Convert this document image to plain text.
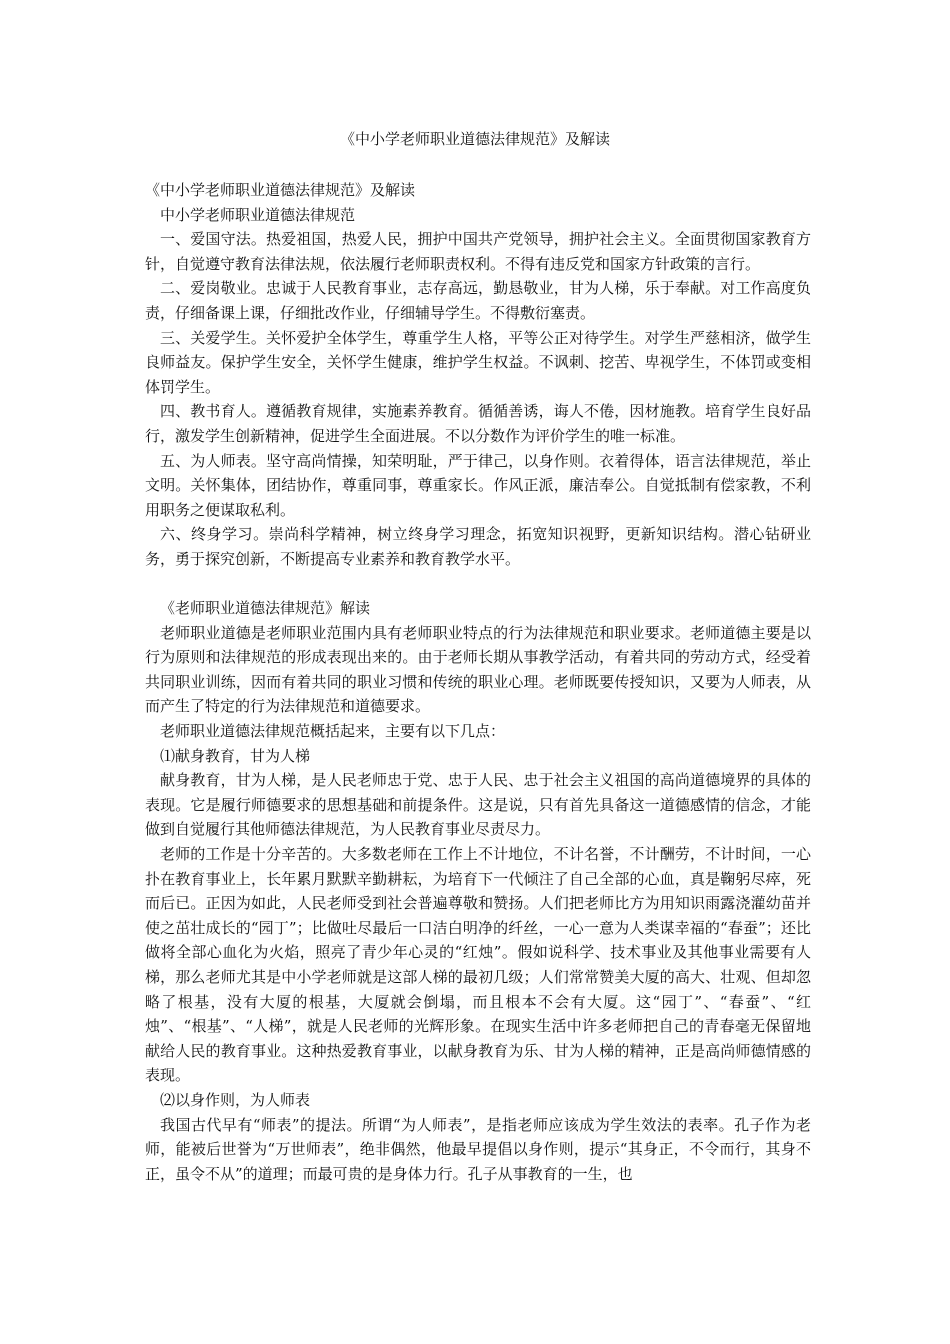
《中小学老师职业道德法律规范》及解读

《中小学老师职业道德法律规范》及解读

中小学老师职业道德法律规范

一、爱国守法。热爱祖国，热爱人民，拥护中国共产党领导，拥护社会主义。全面贯彻国家教育方针，自觉遵守教育法律法规，依法履行老师职责权利。不得有违反党和国家方针政策的言行。

二、爱岗敬业。忠诚于人民教育事业，志存高远，勤恳敬业，甘为人梯，乐于奉献。对工作高度负责，仔细备课上课，仔细批改作业，仔细辅导学生。不得敷衍塞责。

三、关爱学生。关怀爱护全体学生，尊重学生人格，平等公正对待学生。对学生严慈相济，做学生良师益友。保护学生安全，关怀学生健康，维护学生权益。不讽刺、挖苦、卑视学生，不体罚或变相体罚学生。

四、教书育人。遵循教育规律，实施素养教育。循循善诱，诲人不倦，因材施教。培育学生良好品行，激发学生创新精神，促进学生全面进展。不以分数作为评价学生的唯一标准。

五、为人师表。坚守高尚情操，知荣明耻，严于律己，以身作则。衣着得体，语言法律规范，举止文明。关怀集体，团结协作，尊重同事，尊重家长。作风正派，廉洁奉公。自觉抵制有偿家教，不利用职务之便谋取私利。

六、终身学习。崇尚科学精神，树立终身学习理念，拓宽知识视野，更新知识结构。潜心钻研业务，勇于探究创新，不断提高专业素养和教育教学水平。

《老师职业道德法律规范》解读

老师职业道德是老师职业范围内具有老师职业特点的行为法律规范和职业要求。老师道德主要是以行为原则和法律规范的形成表现出来的。由于老师长期从事教学活动，有着共同的劳动方式，经受着共同职业训练，因而有着共同的职业习惯和传统的职业心理。老师既要传授知识，又要为人师表，从而产生了特定的行为法律规范和道德要求。

老师职业道德法律规范概括起来，主要有以下几点：

⑴献身教育，甘为人梯

献身教育，甘为人梯，是人民老师忠于党、忠于人民、忠于社会主义祖国的高尚道德境界的具体的表现。它是履行师德要求的思想基础和前提条件。这是说，只有首先具备这一道德感情的信念，才能做到自觉履行其他师德法律规范，为人民教育事业尽责尽力。

老师的工作是十分辛苦的。大多数老师在工作上不计地位，不计名誉，不计酬劳，不计时间，一心扑在教育事业上，长年累月默默辛勤耕耘，为培育下一代倾注了自己全部的心血，真是鞠躬尽瘁，死而后已。正因为如此，人民老师受到社会普遍尊敬和赞扬。人们把老师比方为用知识雨露浇灌幼苗并使之茁壮成长的“园丁”；比做吐尽最后一口洁白明净的纤丝，一心一意为人类谋幸福的“春蚕”；还比做将全部心血化为火焰，照亮了青少年心灵的“红烛”。假如说科学、技术事业及其他事业需要有人梯，那么老师尤其是中小学老师就是这部人梯的最初几级；人们常常赞美大厦的高大、壮观、但却忽略了根基，没有大厦的根基，大厦就会倒塌，而且根本不会有大厦。这“园丁”、“春蚕”、“红烛”、“根基”、“人梯”，就是人民老师的光辉形象。在现实生活中许多老师把自己的青春毫无保留地献给人民的教育事业。这种热爱教育事业，以献身教育为乐、甘为人梯的精神，正是高尚师德情感的表现。

⑵以身作则，为人师表

我国古代早有“师表”的提法。所谓“为人师表”，是指老师应该成为学生效法的表率。孔子作为老师，能被后世誉为“万世师表”，绝非偶然，他最早提倡以身作则，提示“其身正，不令而行，其身不正，虽令不从”的道理；而最可贵的是身体力行。孔子从事教育的一生，也
